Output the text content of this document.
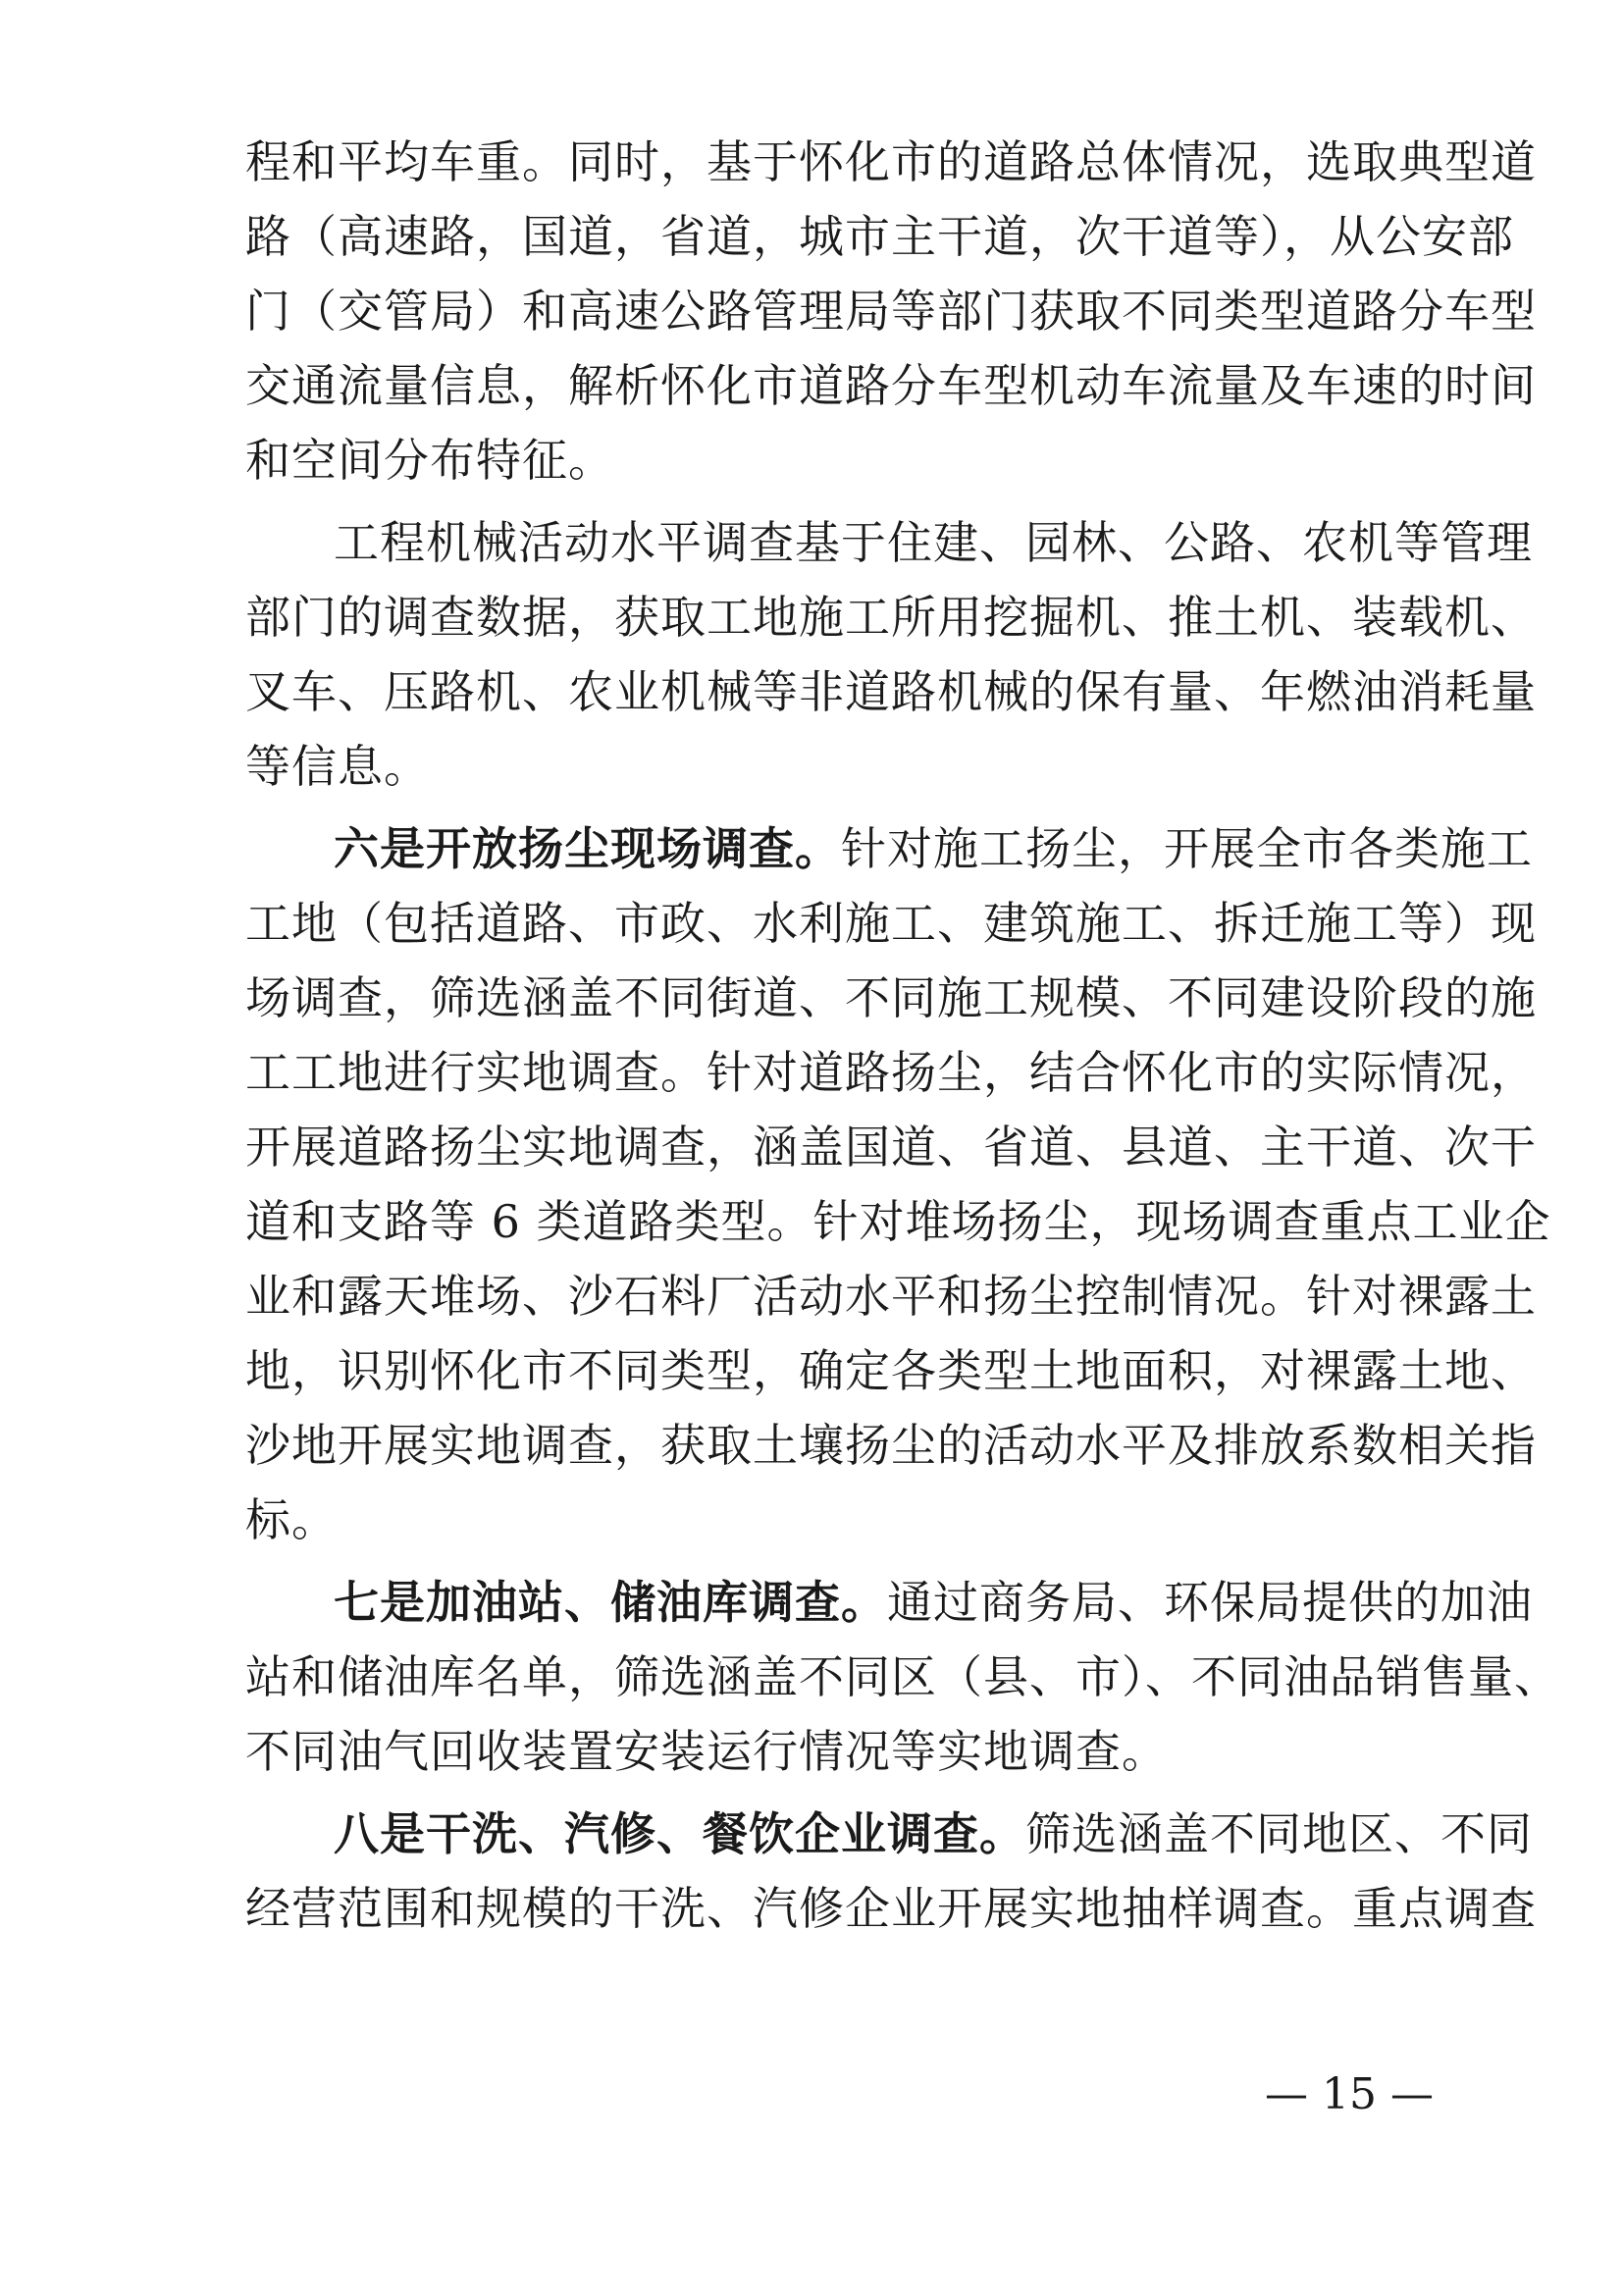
程和平均车重。同时，基于怀化市的道路总体情况，选取典型道
路（高速路，国道，省道，城市主干道，次干道等），从公安部
门（交管局）和高速公路管理局等部门获取不同类型道路分车型
交通流量信息，解析怀化市道路分车型机动车流量及车速的时间
和空间分布特征。
工程机械活动水平调查基于住建、园林、公路、农机等管理
部门的调查数据，获取工地施工所用挖掘机、推土机、装载机、
叉车、压路机、农业机械等非道路机械的保有量、年燃油消耗量
等信息。
六是开放扬尘现场调查。针对施工扬尘，开展全市各类施工
工地（包括道路、市政、水利施工、建筑施工、拆迁施工等）现
场调查，筛选涵盖不同街道、不同施工规模、不同建设阶段的施
工工地进行实地调查。针对道路扬尘，结合怀化市的实际情况，
开展道路扬尘实地调查，涵盖国道、省道、县道、主干道、次干
道和支路等 6 类道路类型。针对堆场扬尘，现场调查重点工业企
业和露天堆场、沙石料厂活动水平和扬尘控制情况。针对裸露土
地，识别怀化市不同类型，确定各类型土地面积，对裸露土地、
沙地开展实地调查，获取土壤扬尘的活动水平及排放系数相关指
标。
七是加油站、储油库调查。通过商务局、环保局提供的加油
站和储油库名单，筛选涵盖不同区（县、市）、不同油品销售量、
不同油气回收装置安装运行情况等实地调查。
八是干洗、汽修、餐饮企业调查。筛选涵盖不同地区、不同
经营范围和规模的干洗、汽修企业开展实地抽样调查。重点调查
— 15 —
